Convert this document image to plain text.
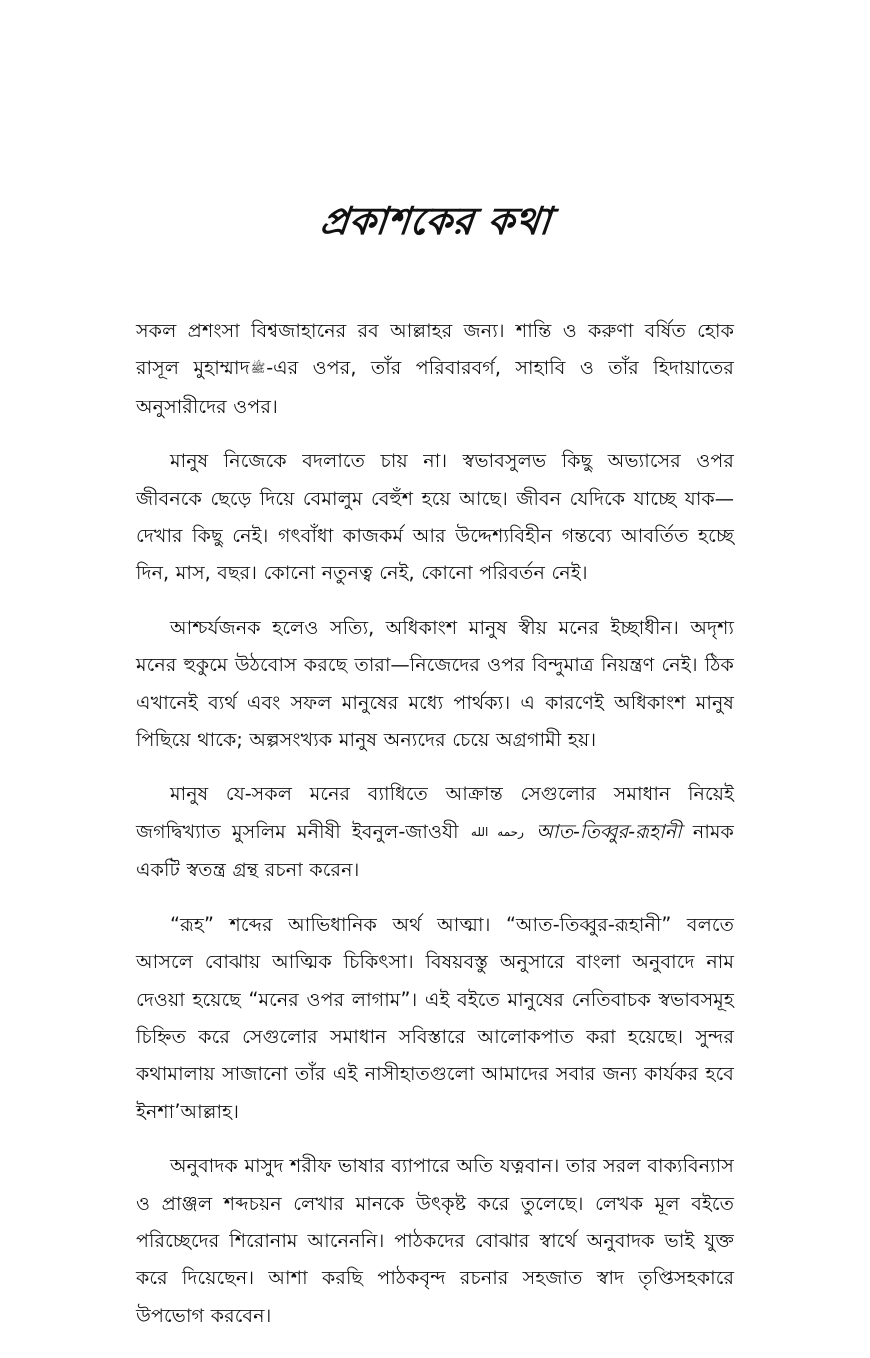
প্রকাশকের কথা

সকল প্রশংসা বিশ্বজাহানের রব আল্লাহর জন্য। শান্তি ও করুণা বর্ষিত হোক রাসূল মুহাম্মাদﷺ-এর ওপর, তাঁর পরিবারবর্গ, সাহাবি ও তাঁর হিদায়াতের অনুসারীদের ওপর।

মানুষ নিজেকে বদলাতে চায় না। স্বভাবসুলভ কিছু অভ্যাসের ওপর জীবনকে ছেড়ে দিয়ে বেমালুম বেহুঁশ হয়ে আছে। জীবন যেদিকে যাচ্ছে যাক—দেখার কিছু নেই। গৎবাঁধা কাজকর্ম আর উদ্দেশ্যবিহীন গন্তব্যে আবর্তিত হচ্ছে দিন, মাস, বছর। কোনো নতুনত্ব নেই, কোনো পরিবর্তন নেই।

আশ্চর্যজনক হলেও সত্যি, অধিকাংশ মানুষ স্বীয় মনের ইচ্ছাধীন। অদৃশ্য মনের হুকুমে উঠবোস করছে তারা—নিজেদের ওপর বিন্দুমাত্র নিয়ন্ত্রণ নেই। ঠিক এখানেই ব্যর্থ এবং সফল মানুষের মধ্যে পার্থক্য। এ কারণেই অধিকাংশ মানুষ পিছিয়ে থাকে; অল্পসংখ্যক মানুষ অন্যদের চেয়ে অগ্রগামী হয়।

মানুষ যে-সকল মনের ব্যাধিতে আক্রান্ত সেগুলোর সমাধান নিয়েই জগদ্বিখ্যাত মুসলিম মনীষী ইবনুল-জাওযী رحمه الله আত-তিব্বুর-রূহানী নামক একটি স্বতন্ত্র গ্রন্থ রচনা করেন।

“রূহ” শব্দের আভিধানিক অর্থ আত্মা। “আত-তিব্বুর-রূহানী” বলতে আসলে বোঝায় আত্মিক চিকিৎসা। বিষয়বস্তু অনুসারে বাংলা অনুবাদে নাম দেওয়া হয়েছে “মনের ওপর লাগাম”। এই বইতে মানুষের নেতিবাচক স্বভাবসমূহ চিহ্নিত করে সেগুলোর সমাধান সবিস্তারে আলোকপাত করা হয়েছে। সুন্দর কথামালায় সাজানো তাঁর এই নাসীহাতগুলো আমাদের সবার জন্য কার্যকর হবে ইনশা’আল্লাহ।

অনুবাদক মাসুদ শরীফ ভাষার ব্যাপারে অতি যত্নবান। তার সরল বাক্যবিন্যাস ও প্রাঞ্জল শব্দচয়ন লেখার মানকে উৎকৃষ্ট করে তুলেছে। লেখক মূল বইতে পরিচ্ছেদের শিরোনাম আনেননি। পাঠকদের বোঝার স্বার্থে অনুবাদক ভাই যুক্ত করে দিয়েছেন। আশা করছি পাঠকবৃন্দ রচনার সহজাত স্বাদ তৃপ্তিসহকারে উপভোগ করবেন।
